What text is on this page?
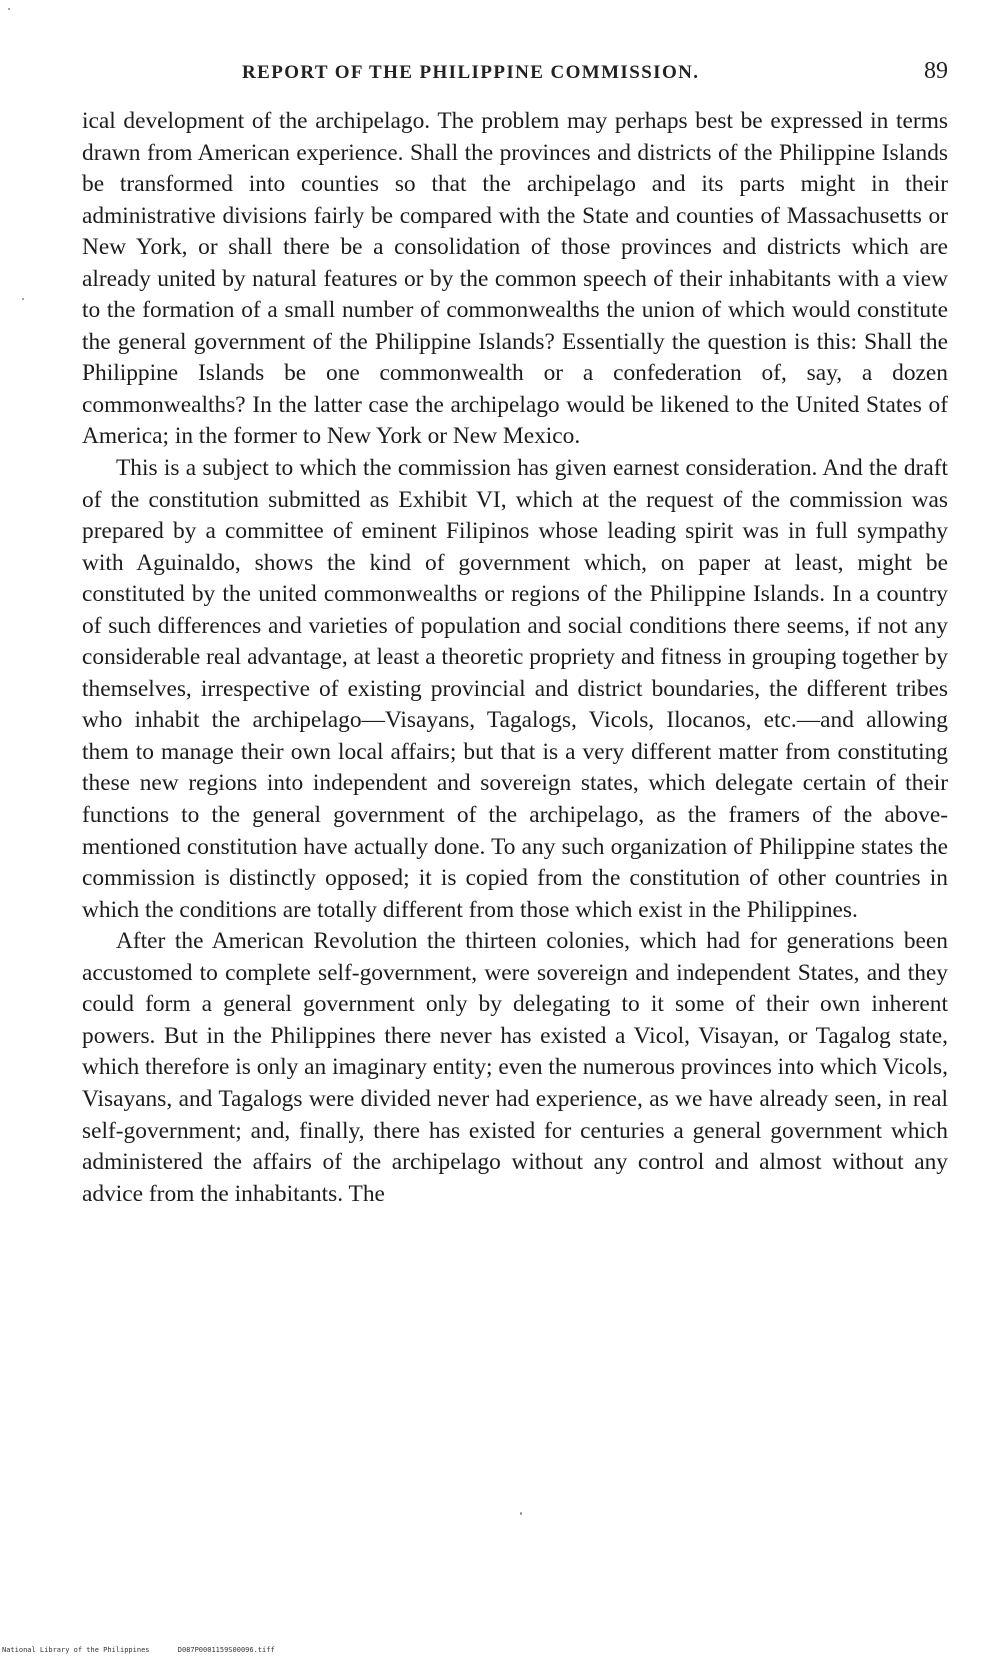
REPORT OF THE PHILIPPINE COMMISSION.	89

ical development of the archipelago. The problem may perhaps best be expressed in terms drawn from American experience. Shall the provinces and districts of the Philippine Islands be transformed into counties so that the archipelago and its parts might in their administrative divisions fairly be compared with the State and counties of Massachusetts or New York, or shall there be a consolidation of those provinces and districts which are already united by natural features or by the common speech of their inhabitants with a view to the formation of a small number of commonwealths the union of which would constitute the general government of the Philippine Islands? Essentially the question is this: Shall the Philippine Islands be one commonwealth or a confederation of, say, a dozen commonwealths? In the latter case the archipelago would be likened to the United States of America; in the former to New York or New Mexico.

This is a subject to which the commission has given earnest consideration. And the draft of the constitution submitted as Exhibit VI, which at the request of the commission was prepared by a committee of eminent Filipinos whose leading spirit was in full sympathy with Aguinaldo, shows the kind of government which, on paper at least, might be constituted by the united commonwealths or regions of the Philippine Islands. In a country of such differences and varieties of population and social conditions there seems, if not any considerable real advantage, at least a theoretic propriety and fitness in grouping together by themselves, irrespective of existing provincial and district boundaries, the different tribes who inhabit the archipelago—Visayans, Tagalogs, Vicols, Ilocanos, etc.—and allowing them to manage their own local affairs; but that is a very different matter from constituting these new regions into independent and sovereign states, which delegate certain of their functions to the general government of the archipelago, as the framers of the above-mentioned constitution have actually done. To any such organization of Philippine states the commission is distinctly opposed; it is copied from the constitution of other countries in which the conditions are totally different from those which exist in the Philippines.

After the American Revolution the thirteen colonies, which had for generations been accustomed to complete self-government, were sovereign and independent States, and they could form a general government only by delegating to it some of their own inherent powers. But in the Philippines there never has existed a Vicol, Visayan, or Tagalog state, which therefore is only an imaginary entity; even the numerous provinces into which Vicols, Visayans, and Tagalogs were divided never had experience, as we have already seen, in real self-government; and, finally, there has existed for centuries a general government which administered the affairs of the archipelago without any control and almost without any advice from the inhabitants. The

National Library of the Philippines	D087P0001159S00096.tiff
